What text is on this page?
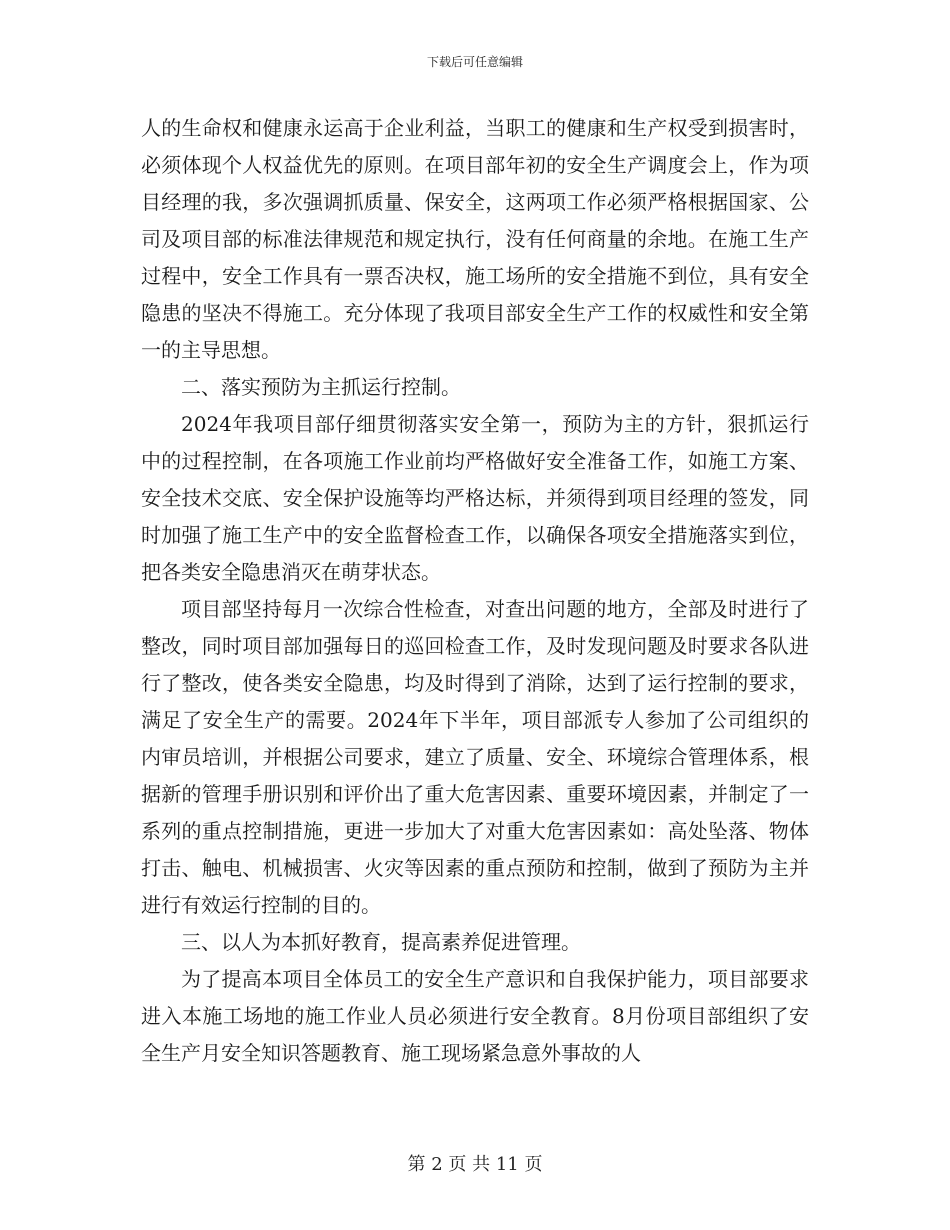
下载后可任意编辑

人的生命权和健康永运高于企业利益，当职工的健康和生产权受到损害时，必须体现个人权益优先的原则。在项目部年初的安全生产调度会上，作为项目经理的我，多次强调抓质量、保安全，这两项工作必须严格根据国家、公司及项目部的标准法律规范和规定执行，没有任何商量的余地。在施工生产过程中，安全工作具有一票否决权，施工场所的安全措施不到位，具有安全隐患的坚决不得施工。充分体现了我项目部安全生产工作的权威性和安全第一的主导思想。

二、落实预防为主抓运行控制。

2024年我项目部仔细贯彻落实安全第一，预防为主的方针，狠抓运行中的过程控制，在各项施工作业前均严格做好安全准备工作，如施工方案、安全技术交底、安全保护设施等均严格达标，并须得到项目经理的签发，同时加强了施工生产中的安全监督检查工作，以确保各项安全措施落实到位，把各类安全隐患消灭在萌芽状态。

项目部坚持每月一次综合性检查，对查出问题的地方，全部及时进行了整改，同时项目部加强每日的巡回检查工作，及时发现问题及时要求各队进行了整改，使各类安全隐患，均及时得到了消除，达到了运行控制的要求，满足了安全生产的需要。2024年下半年，项目部派专人参加了公司组织的内审员培训，并根据公司要求，建立了质量、安全、环境综合管理体系，根据新的管理手册识别和评价出了重大危害因素、重要环境因素，并制定了一系列的重点控制措施，更进一步加大了对重大危害因素如：高处坠落、物体打击、触电、机械损害、火灾等因素的重点预防和控制，做到了预防为主并进行有效运行控制的目的。

三、以人为本抓好教育，提高素养促进管理。

为了提高本项目全体员工的安全生产意识和自我保护能力，项目部要求进入本施工场地的施工作业人员必须进行安全教育。8月份项目部组织了安全生产月安全知识答题教育、施工现场紧急意外事故的人

第 2 页 共 11 页
